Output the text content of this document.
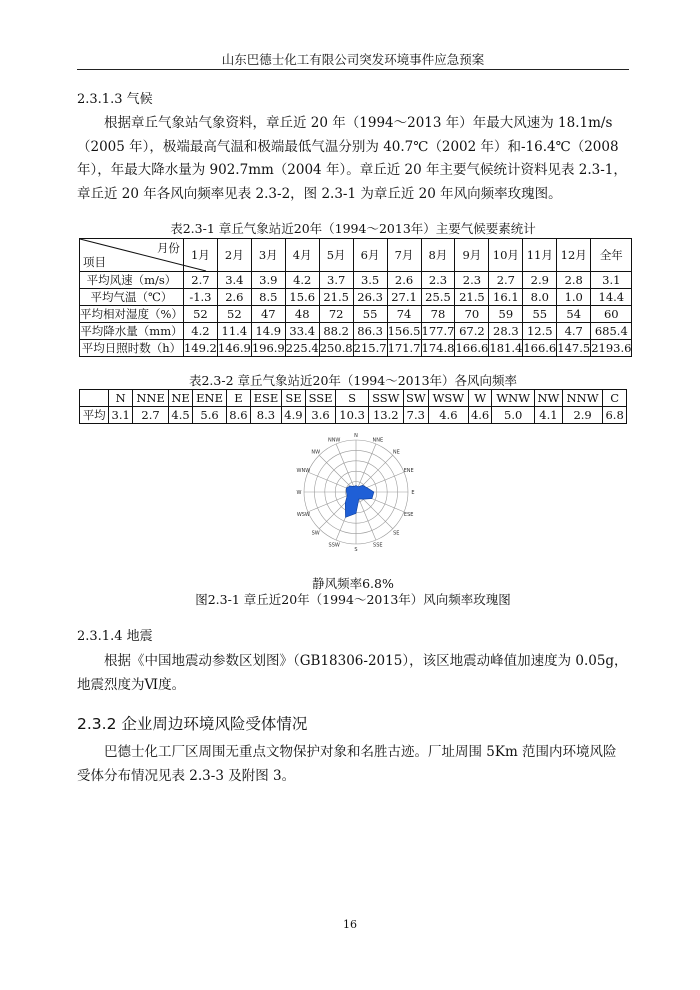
山东巴德士化工有限公司突发环境事件应急预案
2.3.1.3 气候

根据章丘气象站气象资料，章丘近 20 年（1994～2013 年）年最大风速为 18.1m/s（2005 年），极端最高气温和极端最低气温分别为 40.7℃（2002 年）和-16.4℃（2008 年），年最大降水量为 902.7mm（2004 年）。章丘近 20 年主要气候统计资料见表 2.3-1，章丘近 20 年各风向频率见表 2.3-2，图 2.3-1 为章丘近 20 年风向频率玫瑰图。

表2.3-1 章丘气象站近20年（1994～2013年）主要气候要素统计
月份
项目	1月	2月	3月	4月	5月	6月	7月	8月	9月	10月	11月	12月	全年
平均风速（m/s）	2.7	3.4	3.9	4.2	3.7	3.5	2.6	2.3	2.3	2.7	2.9	2.8	3.1
平均气温（℃）	-1.3	2.6	8.5	15.6	21.5	26.3	27.1	25.5	21.5	16.1	8.0	1.0	14.4
平均相对湿度（%）	52	52	47	48	72	55	74	78	70	59	55	54	60
平均降水量（mm）	4.2	11.4	14.9	33.4	88.2	86.3	156.5	177.7	67.2	28.3	12.5	4.7	685.4
平均日照时数（h）	149.2	146.9	196.9	225.4	250.8	215.7	171.7	174.8	166.6	181.4	166.6	147.5	2193.6
表2.3-2 章丘气象站近20年（1994～2013年）各风向频率
	N	NNE	NE	ENE	E	ESE	SE	SSE	S	SSW	SW	WSW	W	WNW	NW	NNW	C
平均	3.1	2.7	4.5	5.6	8.6	8.3	4.9	3.6	10.3	13.2	7.3	4.6	4.6	5.0	4.1	2.9	6.8
N
NNE
NE
ENE
E
ESE
SE
SSE
S
SSW
SW
WSW
W
WNW
NW
NNW
静风频率6.8%
图2.3-1 章丘近20年（1994～2013年）风向频率玫瑰图
2.3.1.4 地震

根据《中国地震动参数区划图》（GB18306-2015），该区地震动峰值加速度为 0.05g，地震烈度为Ⅵ度。

2.3.2 企业周边环境风险受体情况

巴德士化工厂区周围无重点文物保护对象和名胜古迹。厂址周围 5Km 范围内环境风险受体分布情况见表 2.3-3 及附图 3。

16
